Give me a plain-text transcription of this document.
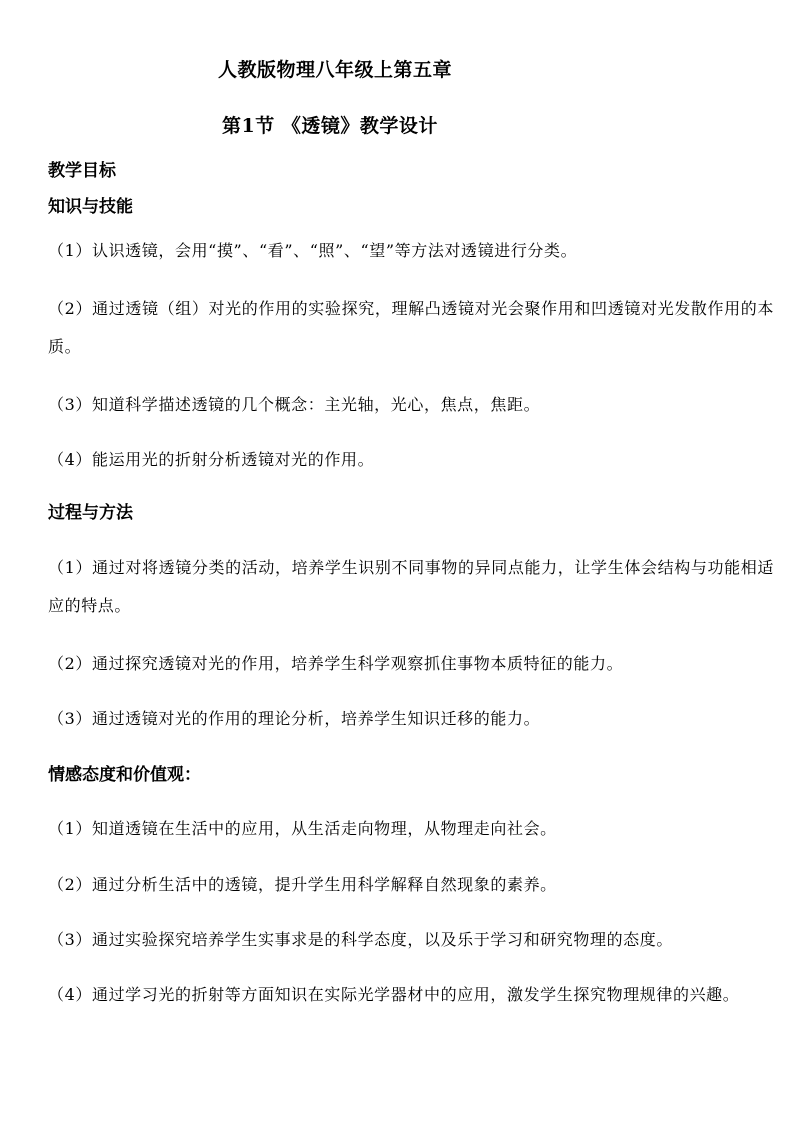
人教版物理八年级上第五章
第1节 《透镜》教学设计
教学目标
知识与技能
（1）认识透镜，会用“摸”、“看”、“照”、“望”等方法对透镜进行分类。
（2）通过透镜（组）对光的作用的实验探究，理解凸透镜对光会聚作用和凹透镜对光发散作用的本质。
（3）知道科学描述透镜的几个概念：主光轴，光心，焦点，焦距。
（4）能运用光的折射分析透镜对光的作用。
过程与方法
（1）通过对将透镜分类的活动，培养学生识别不同事物的异同点能力，让学生体会结构与功能相适应的特点。
（2）通过探究透镜对光的作用，培养学生科学观察抓住事物本质特征的能力。
（3）通过透镜对光的作用的理论分析，培养学生知识迁移的能力。
情感态度和价值观：
（1）知道透镜在生活中的应用，从生活走向物理，从物理走向社会。
（2）通过分析生活中的透镜，提升学生用科学解释自然现象的素养。
（3）通过实验探究培养学生实事求是的科学态度，以及乐于学习和研究物理的态度。
（4）通过学习光的折射等方面知识在实际光学器材中的应用，激发学生探究物理规律的兴趣。
